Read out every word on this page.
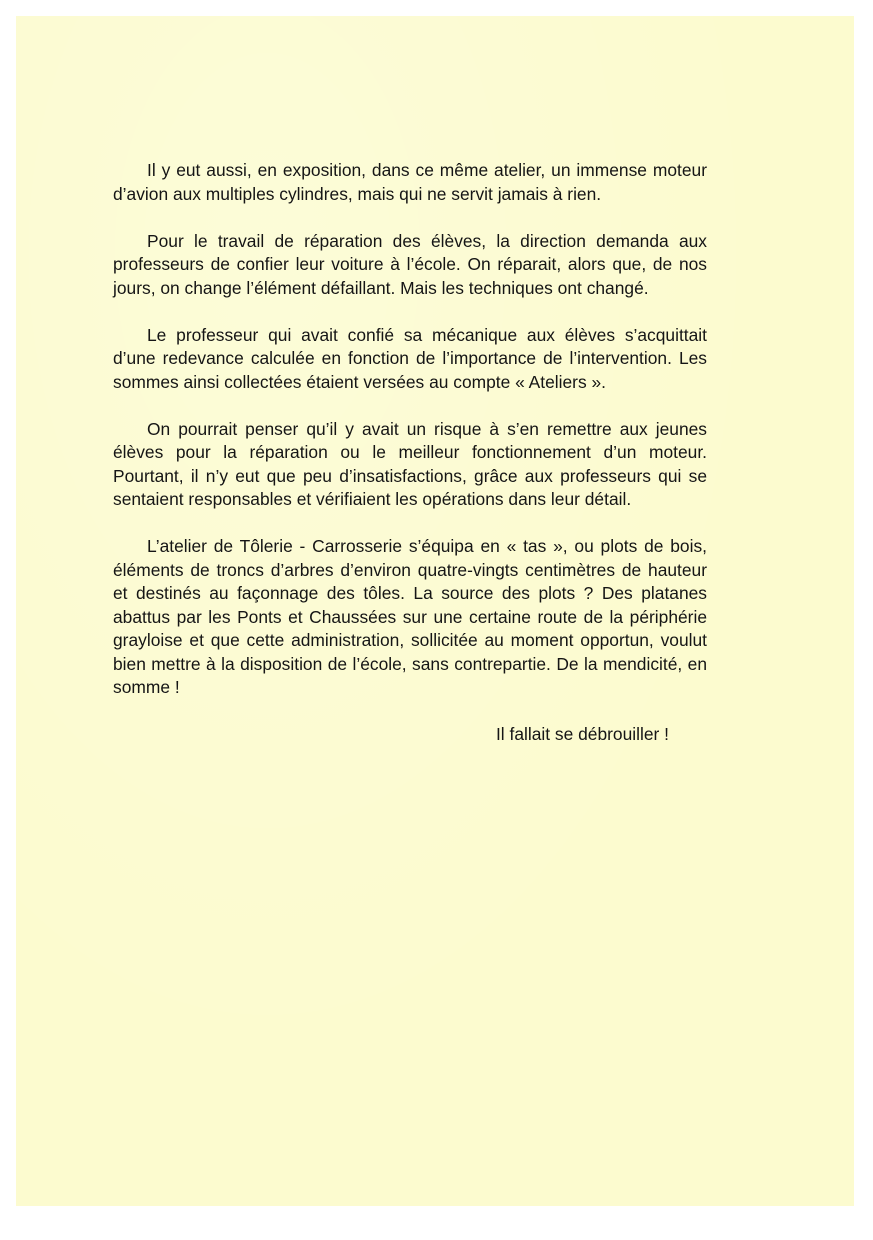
Il y eut aussi, en exposition, dans ce même atelier, un immense moteur d’avion aux multiples cylindres, mais qui ne servit jamais à rien.

Pour le travail de réparation des élèves, la direction demanda aux professeurs de confier leur voiture à l’école. On réparait, alors que, de nos jours, on change l’élément défaillant. Mais les techniques ont changé.

Le professeur qui avait confié sa mécanique aux élèves s’acquittait d’une redevance calculée en fonction de l’importance de l’intervention. Les sommes ainsi collectées étaient versées au compte « Ateliers ».

On pourrait penser qu’il y avait un risque à s’en remettre aux jeunes élèves pour la réparation ou le meilleur fonctionnement d’un moteur. Pourtant, il n’y eut que peu d’insatisfactions, grâce aux professeurs qui se sentaient responsables et vérifiaient les opérations dans leur détail.

L’atelier de Tôlerie - Carrosserie s’équipa en « tas », ou plots de bois, éléments de troncs d’arbres d’environ quatre-vingts centimètres de hauteur et destinés au façonnage des tôles. La source des plots ? Des platanes abattus par les Ponts et Chaussées sur une certaine route de la périphérie grayloise et que cette administration, sollicitée au moment opportun, voulut bien mettre à la disposition de l’école, sans contrepartie. De la mendicité, en somme !

Il fallait se débrouiller !
